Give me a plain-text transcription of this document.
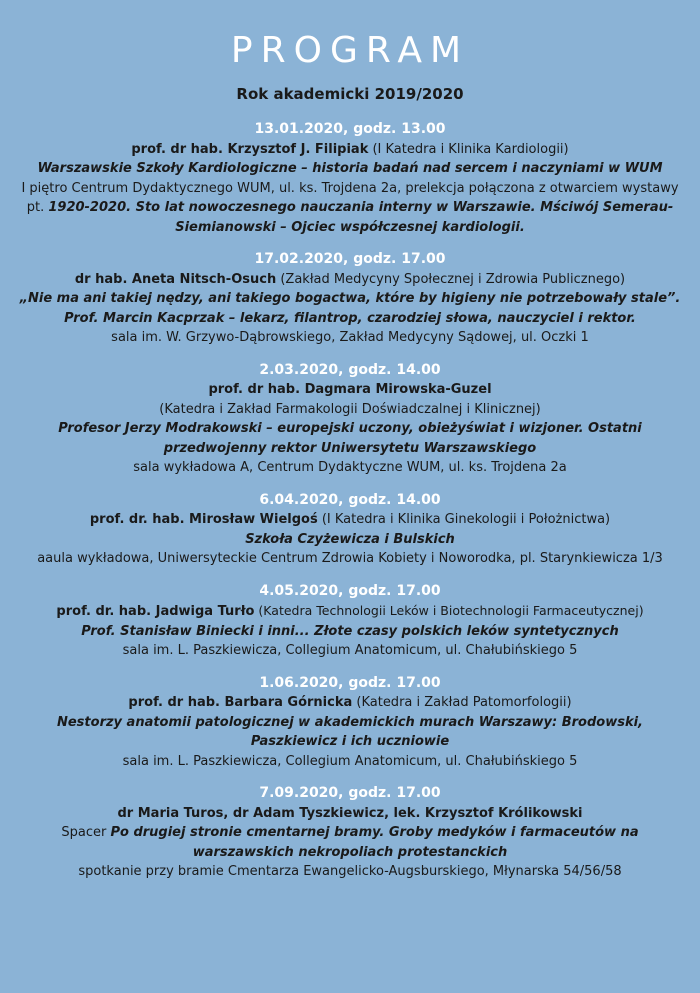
PROGRAM
Rok akademicki 2019/2020
13.01.2020, godz. 13.00

prof. dr hab. Krzysztof J. Filipiak (I Katedra i Klinika Kardiologii)

Warszawskie Szkoły Kardiologiczne – historia badań nad sercem i naczyniami w WUM

I piętro Centrum Dydaktycznego WUM, ul. ks. Trojdena 2a, prelekcja połączona z otwarciem wystawy pt. 1920-2020. Sto lat nowoczesnego nauczania interny w Warszawie. Mściwój Semerau-Siemianowski – Ojciec współczesnej kardiologii.

17.02.2020, godz. 17.00

dr hab. Aneta Nitsch-Osuch (Zakład Medycyny Społecznej i Zdrowia Publicznego)

„Nie ma ani takiej nędzy, ani takiego bogactwa, które by higieny nie potrzebowały stale”. Prof. Marcin Kacprzak – lekarz, filantrop, czarodziej słowa, nauczyciel i rektor.

sala im. W. Grzywo-Dąbrowskiego, Zakład Medycyny Sądowej, ul. Oczki 1

2.03.2020, godz. 14.00

prof. dr hab. Dagmara Mirowska-Guzel

(Katedra i Zakład Farmakologii Doświadczalnej i Klinicznej)

Profesor Jerzy Modrakowski – europejski uczony, obieżyświat i wizjoner. Ostatni przedwojenny rektor Uniwersytetu Warszawskiego

sala wykładowa A, Centrum Dydaktyczne WUM, ul. ks. Trojdena 2a

6.04.2020, godz. 14.00

prof. dr. hab. Mirosław Wielgoś (I Katedra i Klinika Ginekologii i Położnictwa)

Szkoła Czyżewicza i Bulskich

aaula wykładowa, Uniwersyteckie Centrum Zdrowia Kobiety i Noworodka, pl. Starynkiewicza 1/3

4.05.2020, godz. 17.00

prof. dr. hab. Jadwiga Turło (Katedra Technologii Leków i Biotechnologii Farmaceutycznej)

Prof. Stanisław Biniecki i inni... Złote czasy polskich leków syntetycznych

sala im. L. Paszkiewicza, Collegium Anatomicum, ul. Chałubińskiego 5

1.06.2020, godz. 17.00

prof. dr hab. Barbara Górnicka (Katedra i Zakład Patomorfologii)

Nestorzy anatomii patologicznej w akademickich murach Warszawy: Brodowski, Paszkiewicz i ich uczniowie

sala im. L. Paszkiewicza, Collegium Anatomicum, ul. Chałubińskiego 5

7.09.2020, godz. 17.00

dr Maria Turos, dr Adam Tyszkiewicz, lek. Krzysztof Królikowski

Spacer Po drugiej stronie cmentarnej bramy. Groby medyków i farmaceutów na warszawskich nekropoliach protestanckich

spotkanie przy bramie Cmentarza Ewangelicko-Augsburskiego, Młynarska 54/56/58
